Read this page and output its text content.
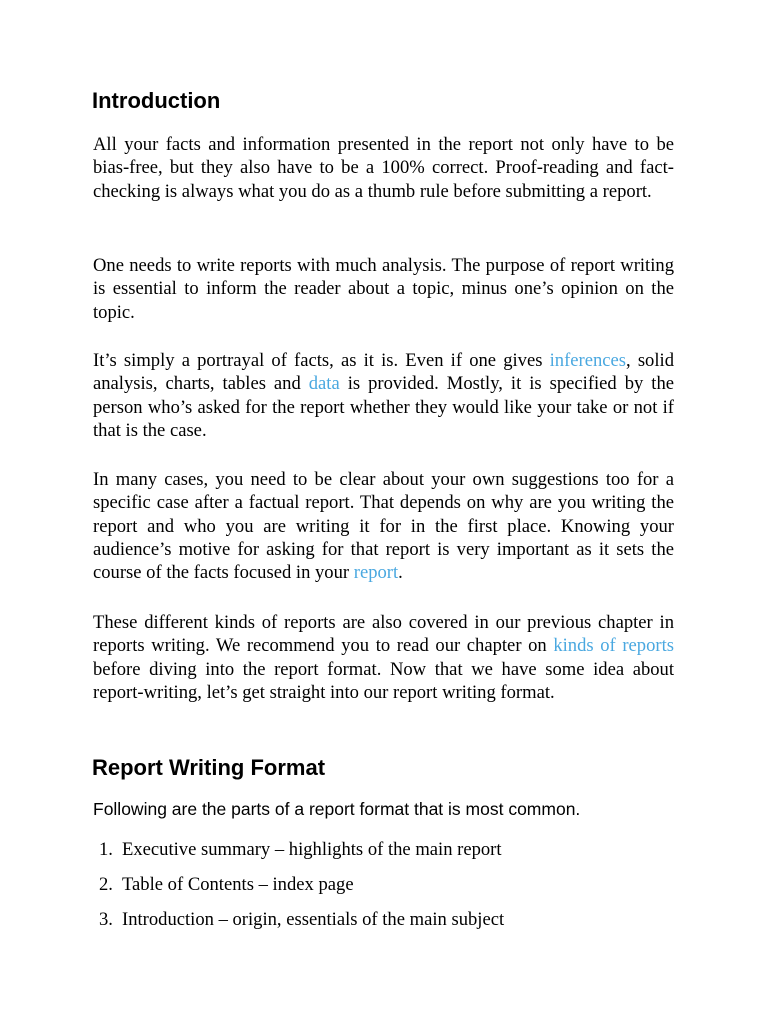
Introduction

All your facts and information presented in the report not only have to be bias-free, but they also have to be a 100% correct. Proof-reading and fact-checking is always what you do as a thumb rule before submitting a report.

One needs to write reports with much analysis. The purpose of report writing is essential to inform the reader about a topic, minus one’s opinion on the topic.

It’s simply a portrayal of facts, as it is. Even if one gives inferences, solid analysis, charts, tables and data is provided. Mostly, it is specified by the person who’s asked for the report whether they would like your take or not if that is the case.

In many cases, you need to be clear about your own suggestions too for a specific case after a factual report. That depends on why are you writing the report and who you are writing it for in the first place. Knowing your audience’s motive for asking for that report is very important as it sets the course of the facts focused in your report.

These different kinds of reports are also covered in our previous chapter in reports writing. We recommend you to read our chapter on kinds of reports before diving into the report format. Now that we have some idea about report-writing, let’s get straight into our report writing format.

Report Writing Format

Following are the parts of a report format that is most common.

1. Executive summary – highlights of the main report
2. Table of Contents – index page
3. Introduction – origin, essentials of the main subject
